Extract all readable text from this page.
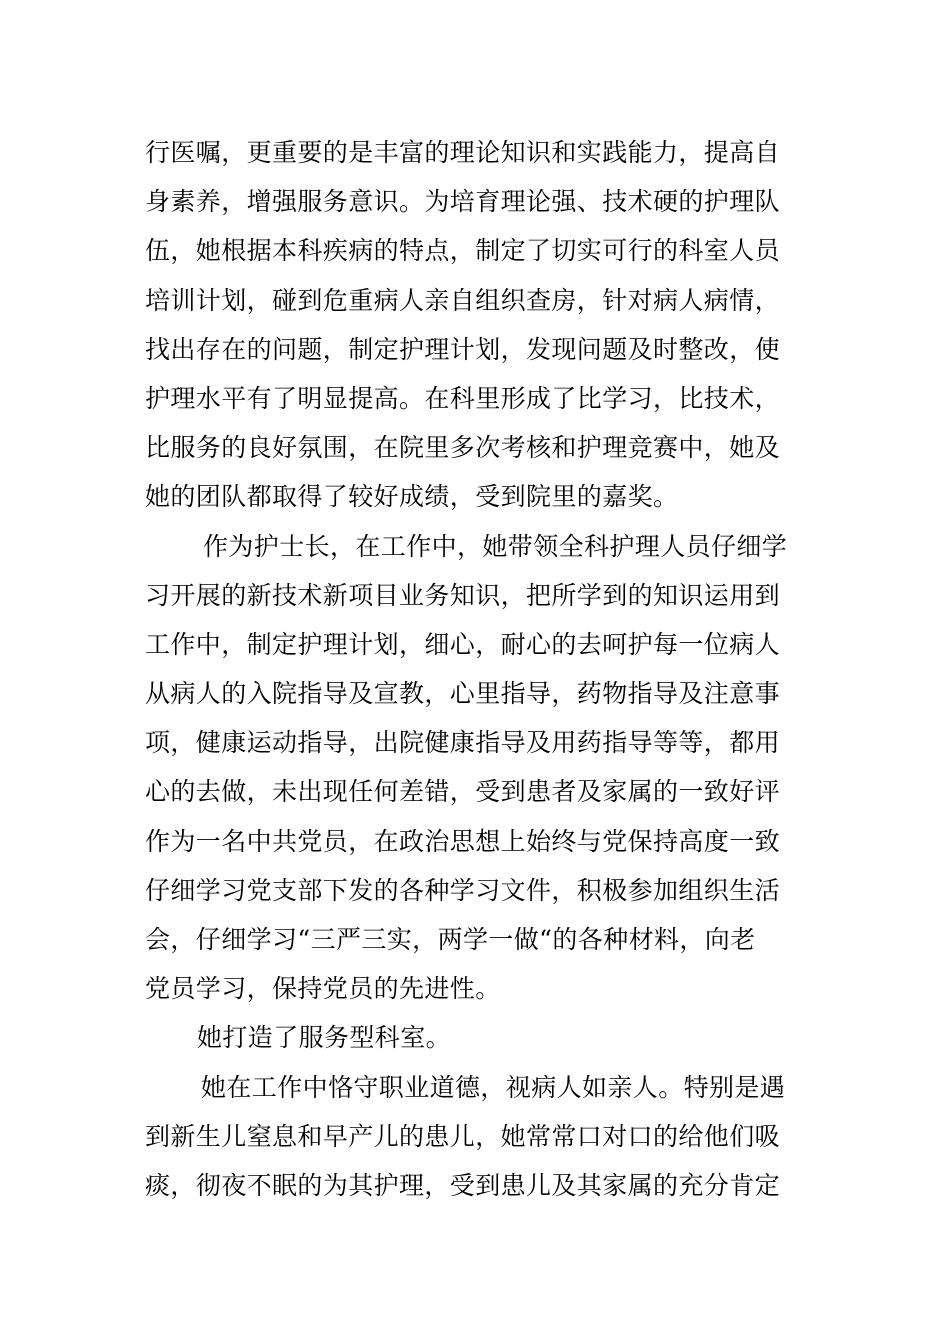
行医嘱，更重要的是丰富的理论知识和实践能力，提高自
身素养，增强服务意识。为培育理论强、技术硬的护理队
伍，她根据本科疾病的特点，制定了切实可行的科室人员
培训计划，碰到危重病人亲自组织查房，针对病人病情，
找出存在的问题，制定护理计划，发现问题及时整改，使
护理水平有了明显提高。在科里形成了比学习，比技术，
比服务的良好氛围，在院里多次考核和护理竞赛中，她及
她的团队都取得了较好成绩，受到院里的嘉奖。
作为护士长，在工作中，她带领全科护理人员仔细学
习开展的新技术新项目业务知识，把所学到的知识运用到
工作中，制定护理计划，细心，耐心的去呵护每一位病人
从病人的入院指导及宣教，心里指导，药物指导及注意事
项，健康运动指导，出院健康指导及用药指导等等，都用
心的去做，未出现任何差错，受到患者及家属的一致好评
作为一名中共党员，在政治思想上始终与党保持高度一致
仔细学习党支部下发的各种学习文件，积极参加组织生活
会，仔细学习“三严三实，两学一做“的各种材料，向老
党员学习，保持党员的先进性。
她打造了服务型科室。
她在工作中恪守职业道德，视病人如亲人。特别是遇
到新生儿窒息和早产儿的患儿，她常常口对口的给他们吸
痰，彻夜不眠的为其护理，受到患儿及其家属的充分肯定
